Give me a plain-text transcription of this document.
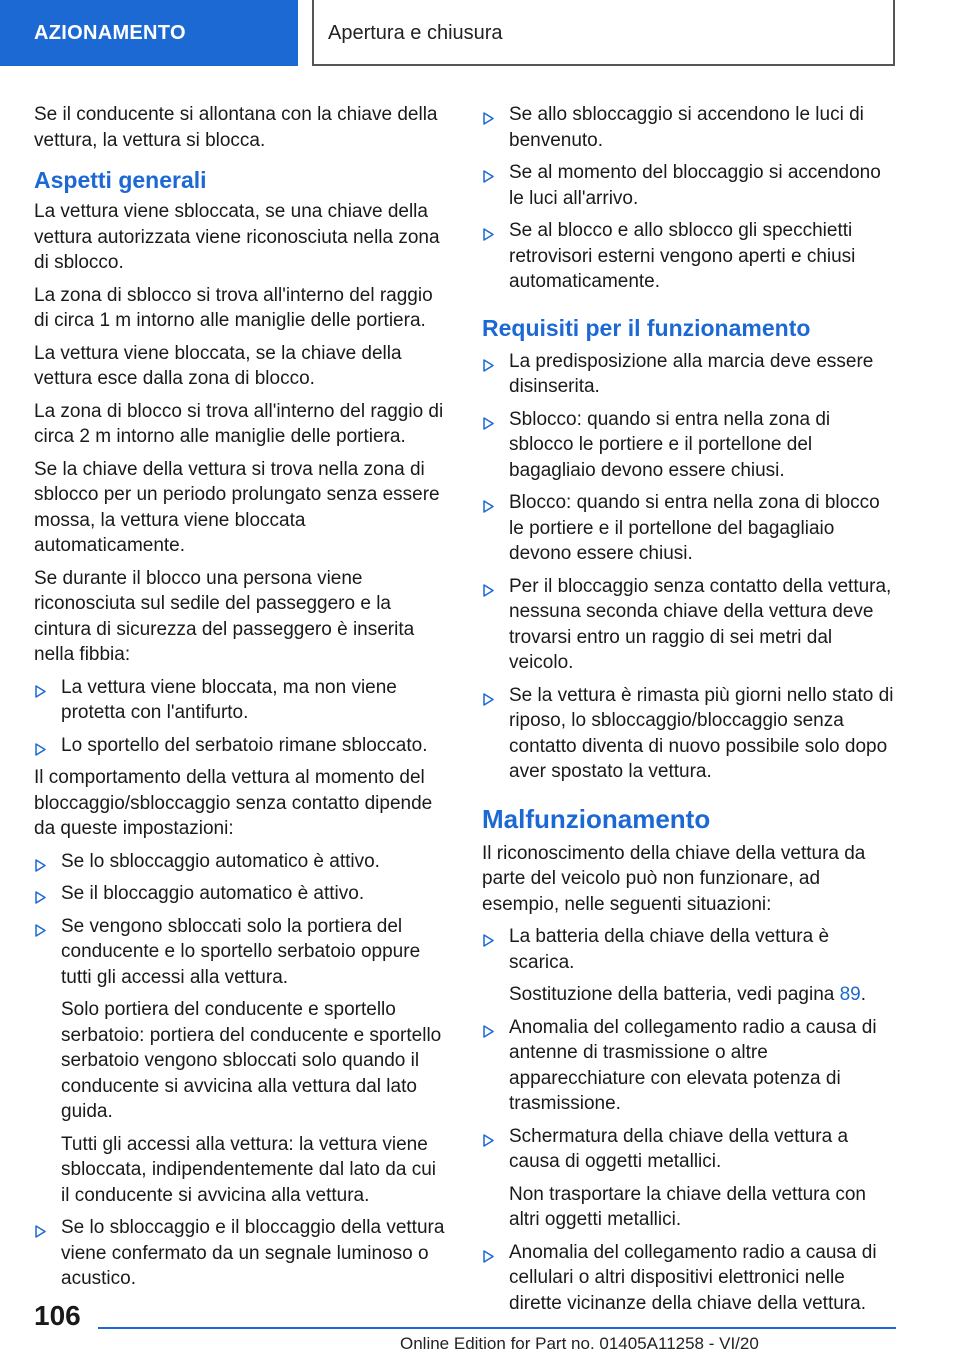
AZIONAMENTO	Apertura e chiusura

Se il conducente si allontana con la chiave della vettura, la vettura si blocca.

Aspetti generali

La vettura viene sbloccata, se una chiave della vettura autorizzata viene riconosciuta nella zona di sblocco.

La zona di sblocco si trova all'interno del raggio di circa 1 m intorno alle maniglie delle portiera.

La vettura viene bloccata, se la chiave della vettura esce dalla zona di blocco.

La zona di blocco si trova all'interno del raggio di circa 2 m intorno alle maniglie delle portiera.

Se la chiave della vettura si trova nella zona di sblocco per un periodo prolungato senza essere mossa, la vettura viene bloccata automaticamente.

Se durante il blocco una persona viene riconosciuta sul sedile del passeggero e la cintura di sicurezza del passeggero è inserita nella fibbia:

La vettura viene bloccata, ma non viene protetta con l'antifurto.
Lo sportello del serbatoio rimane sbloccato.

Il comportamento della vettura al momento del bloccaggio/sbloccaggio senza contatto dipende da queste impostazioni:

Se lo sbloccaggio automatico è attivo.
Se il bloccaggio automatico è attivo.
Se vengono sbloccati solo la portiera del conducente e lo sportello serbatoio oppure tutti gli accessi alla vettura.

Solo portiera del conducente e sportello serbatoio: portiera del conducente e sportello serbatoio vengono sbloccati solo quando il conducente si avvicina alla vettura dal lato guida.

Tutti gli accessi alla vettura: la vettura viene sbloccata, indipendentemente dal lato da cui il conducente si avvicina alla vettura.

Se lo sbloccaggio e il bloccaggio della vettura viene confermato da un segnale luminoso o acustico.
Se allo sbloccaggio si accendono le luci di benvenuto.
Se al momento del bloccaggio si accendono le luci all'arrivo.
Se al blocco e allo sblocco gli specchietti retrovisori esterni vengono aperti e chiusi automaticamente.
Requisiti per il funzionamento
La predisposizione alla marcia deve essere disinserita.
Sblocco: quando si entra nella zona di sblocco le portiere e il portellone del bagagliaio devono essere chiusi.
Blocco: quando si entra nella zona di blocco le portiere e il portellone del bagagliaio devono essere chiusi.
Per il bloccaggio senza contatto della vettura, nessuna seconda chiave della vettura deve trovarsi entro un raggio di sei metri dal veicolo.
Se la vettura è rimasta più giorni nello stato di riposo, lo sbloccaggio/bloccaggio senza contatto diventa di nuovo possibile solo dopo aver spostato la vettura.
Malfunzionamento

Il riconoscimento della chiave della vettura da parte del veicolo può non funzionare, ad esempio, nelle seguenti situazioni:

La batteria della chiave della vettura è scarica.

Sostituzione della batteria, vedi pagina 89.

Anomalia del collegamento radio a causa di antenne di trasmissione o altre apparecchiature con elevata potenza di trasmissione.
Schermatura della chiave della vettura a causa di oggetti metallici.

Non trasportare la chiave della vettura con altri oggetti metallici.

Anomalia del collegamento radio a causa di cellulari o altri dispositivi elettronici nelle dirette vicinanze della chiave della vettura.
106
Online Edition for Part no. 01405A11258 - VI/20
